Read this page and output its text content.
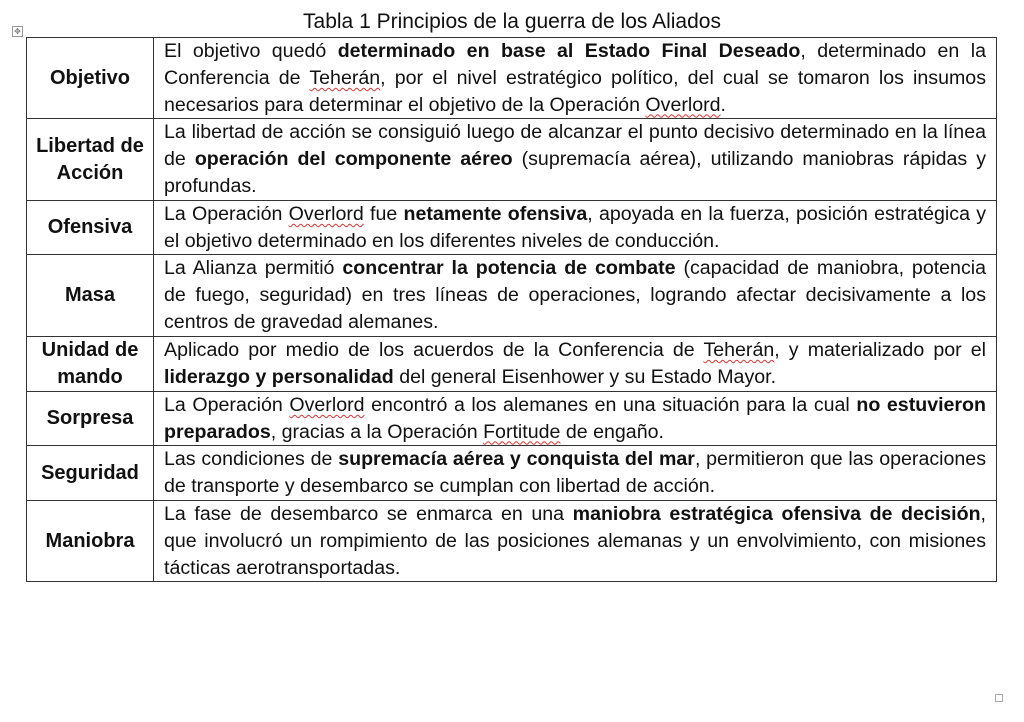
✥	Tabla 1 Principios de la guerra de los Aliados
Objetivo	El objetivo quedó determinado en base al Estado Final Deseado, determinado en la Conferencia de Teherán, por el nivel estratégico político, del cual se tomaron los insumos necesarios para determinar el objetivo de la Operación Overlord.
Libertad de Acción	La libertad de acción se consiguió luego de alcanzar el punto decisivo determinado en la línea de operación del componente aéreo (supremacía aérea), utilizando maniobras rápidas y profundas.
Ofensiva	La Operación Overlord fue netamente ofensiva, apoyada en la fuerza, posición estratégica y el objetivo determinado en los diferentes niveles de conducción.
Masa	La Alianza permitió concentrar la potencia de combate (capacidad de maniobra, potencia de fuego, seguridad) en tres líneas de operaciones, logrando afectar decisivamente a los centros de gravedad alemanes.
Unidad de mando	Aplicado por medio de los acuerdos de la Conferencia de Teherán, y materializado por el liderazgo y personalidad del general Eisenhower y su Estado Mayor.
Sorpresa	La Operación Overlord encontró a los alemanes en una situación para la cual no estuvieron preparados, gracias a la Operación Fortitude de engaño.
Seguridad	Las condiciones de supremacía aérea y conquista del mar, permitieron que las operaciones de transporte y desembarco se cumplan con libertad de acción.
Maniobra	La fase de desembarco se enmarca en una maniobra estratégica ofensiva de decisión, que involucró un rompimiento de las posiciones alemanas y un envolvimiento, con misiones tácticas aerotransportadas.
